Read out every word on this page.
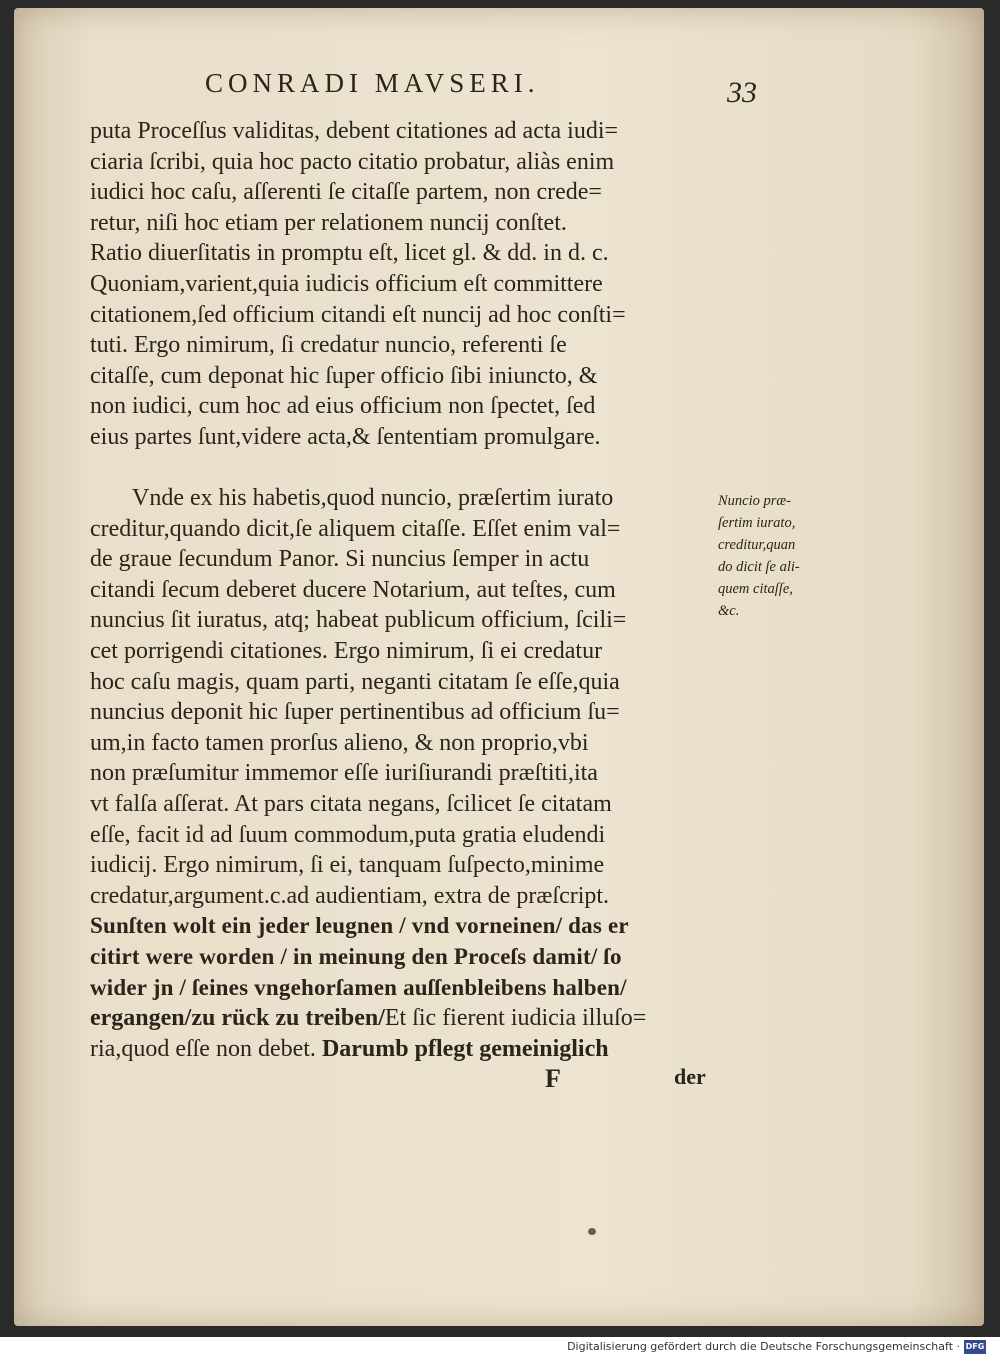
CONRADI MAVSERI.	33
puta Proceſſus validitas, debent citationes ad acta iudi=
ciaria ſcribi, quia hoc pacto citatio probatur, aliàs enim
iudici hoc caſu, aſſerenti ſe citaſſe partem, non crede=
retur, niſi hoc etiam per relationem nuncij conſtet.
Ratio diuerſitatis in promptu eſt, licet gl. & dd. in d. c.
Quoniam,varient,quia iudicis officium eſt committere
citationem,ſed officium citandi eſt nuncij ad hoc conſti=
tuti. Ergo nimirum, ſi credatur nuncio, referenti ſe
citaſſe, cum deponat hic ſuper officio ſibi iniuncto, &
non iudici, cum hoc ad eius officium non ſpectet, ſed
eius partes ſunt,videre acta,& ſententiam promulgare.
Vnde ex his habetis,quod nuncio, præſertim iurato
creditur,quando dicit,ſe aliquem citaſſe. Eſſet enim val=
de graue ſecundum Panor. Si nuncius ſemper in actu
citandi ſecum deberet ducere Notarium, aut teſtes, cum
nuncius ſit iuratus, atq; habeat publicum officium, ſcili=
cet porrigendi citationes. Ergo nimirum, ſi ei credatur
hoc caſu magis, quam parti, neganti citatam ſe eſſe,quia
nuncius deponit hic ſuper pertinentibus ad officium ſu=
um,in facto tamen prorſus alieno, & non proprio,vbi
non præſumitur immemor eſſe iuriſiurandi præſtiti,ita
vt falſa aſſerat. At pars citata negans, ſcilicet ſe citatam
eſſe, facit id ad ſuum commodum,puta gratia eludendi
iudicij. Ergo nimirum, ſi ei, tanquam ſuſpecto,minime
credatur,argument.c.ad audientiam, extra de præſcript.
Sunſten wolt ein jeder leugnen / vnd vorneinen/ das er
citirt were worden / in meinung den Proceſs damit/ ſo
wider jn / ſeines vngehorſamen auſſenbleibens halben/
ergangen/zu rück zu treiben/Et ſic fierent iudicia illuſo=
ria,quod eſſe non debet. Darumb pflegt gemeiniglich
Nuncio præ-
ſertim iurato,
creditur,quan
do dicit ſe ali-
quem citaſſe,
&c.
F	der
Digitalisierung gefördert durch die Deutsche Forschungsgemeinschaft · DFG
